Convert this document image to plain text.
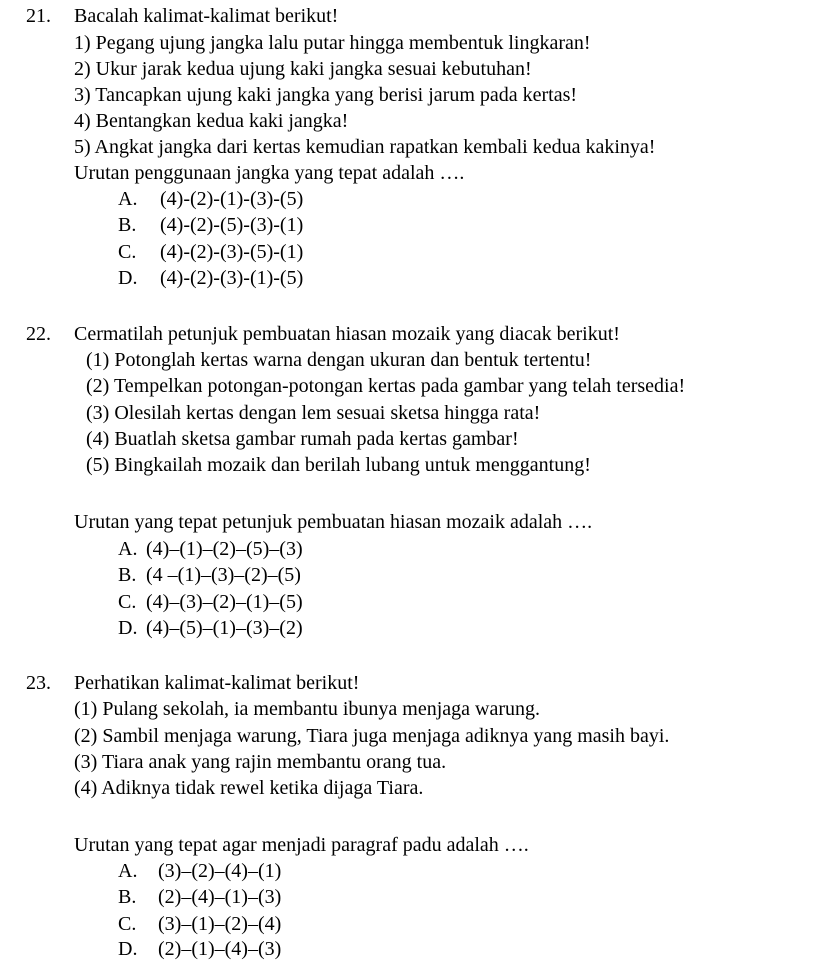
21. Bacalah kalimat-kalimat berikut!
1) Pegang ujung jangka lalu putar hingga membentuk lingkaran!
2) Ukur jarak kedua ujung kaki jangka sesuai kebutuhan!
3) Tancapkan ujung kaki jangka yang berisi jarum pada kertas!
4) Bentangkan kedua kaki jangka!
5) Angkat jangka dari kertas kemudian rapatkan kembali kedua kakinya!
Urutan penggunaan jangka yang tepat adalah ….
A. (4)-(2)-(1)-(3)-(5)
B. (4)-(2)-(5)-(3)-(1)
C. (4)-(2)-(3)-(5)-(1)
D. (4)-(2)-(3)-(1)-(5)
22. Cermatilah petunjuk pembuatan hiasan mozaik yang diacak berikut!
(1) Potonglah kertas warna dengan ukuran dan bentuk tertentu!
(2) Tempelkan potongan-potongan kertas pada gambar yang telah tersedia!
(3) Olesilah kertas dengan lem sesuai sketsa hingga rata!
(4) Buatlah sketsa gambar rumah pada kertas gambar!
(5) Bingkailah mozaik dan berilah lubang untuk menggantung!
Urutan yang tepat petunjuk pembuatan hiasan mozaik adalah ….
A. (4)–(1)–(2)–(5)–(3)
B. (4 –(1)–(3)–(2)–(5)
C. (4)–(3)–(2)–(1)–(5)
D. (4)–(5)–(1)–(3)–(2)
23. Perhatikan kalimat-kalimat berikut!
(1) Pulang sekolah, ia membantu ibunya menjaga warung.
(2) Sambil menjaga warung, Tiara juga menjaga adiknya yang masih bayi.
(3) Tiara anak yang rajin membantu orang tua.
(4) Adiknya tidak rewel ketika dijaga Tiara.
Urutan yang tepat agar menjadi paragraf padu adalah ….
A. (3)–(2)–(4)–(1)
B. (2)–(4)–(1)–(3)
C. (3)–(1)–(2)–(4)
D. (2)–(1)–(4)–(3)
